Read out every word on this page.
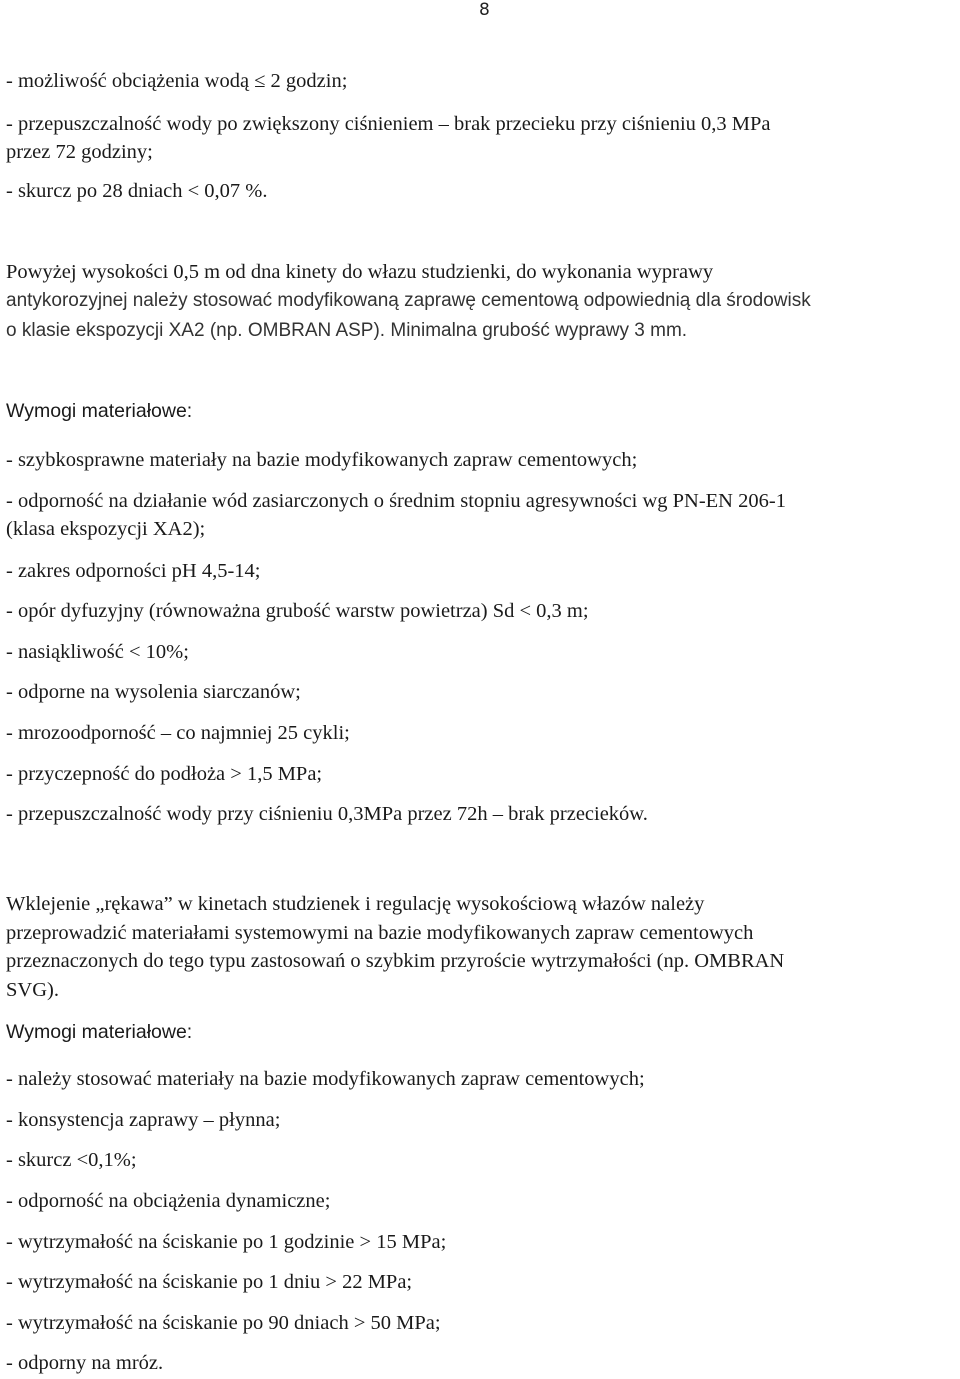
8
- możliwość obciążenia wodą ≤ 2 godzin;
- przepuszczalność wody po zwiększony ciśnieniem – brak przecieku przy ciśnieniu 0,3 MPa
przez 72 godziny;
- skurcz po 28 dniach < 0,07 %.
Powyżej wysokości 0,5 m od dna kinety do włazu studzienki, do wykonania wyprawy
antykorozyjnej należy stosować modyfikowaną zaprawę cementową odpowiednią dla środowisk
o klasie ekspozycji XA2 (np. OMBRAN ASP). Minimalna grubość wyprawy 3 mm.
Wymogi materiałowe:
- szybkosprawne materiały na bazie modyfikowanych zapraw cementowych;
- odporność na działanie wód zasiarczonych o średnim stopniu agresywności wg PN-EN 206-1
(klasa ekspozycji XA2);
- zakres odporności pH 4,5-14;
- opór dyfuzyjny (równoważna grubość warstw powietrza) Sd < 0,3 m;
- nasiąkliwość < 10%;
- odporne na wysolenia siarczanów;
- mrozoodporność – co najmniej 25 cykli;
- przyczepność do podłoża > 1,5 MPa;
- przepuszczalność wody przy ciśnieniu 0,3MPa przez 72h – brak przecieków.
Wklejenie „rękawa” w kinetach studzienek i regulację wysokościową włazów należy
przeprowadzić materiałami systemowymi na bazie modyfikowanych zapraw cementowych
przeznaczonych do tego typu zastosowań o szybkim przyroście wytrzymałości (np. OMBRAN
SVG).
Wymogi materiałowe:
- należy stosować materiały na bazie modyfikowanych zapraw cementowych;
- konsystencja zaprawy – płynna;
- skurcz <0,1%;
- odporność na obciążenia dynamiczne;
- wytrzymałość na ściskanie po 1 godzinie > 15 MPa;
- wytrzymałość na ściskanie po 1 dniu > 22 MPa;
- wytrzymałość na ściskanie po 90 dniach > 50 MPa;
- odporny na mróz.
